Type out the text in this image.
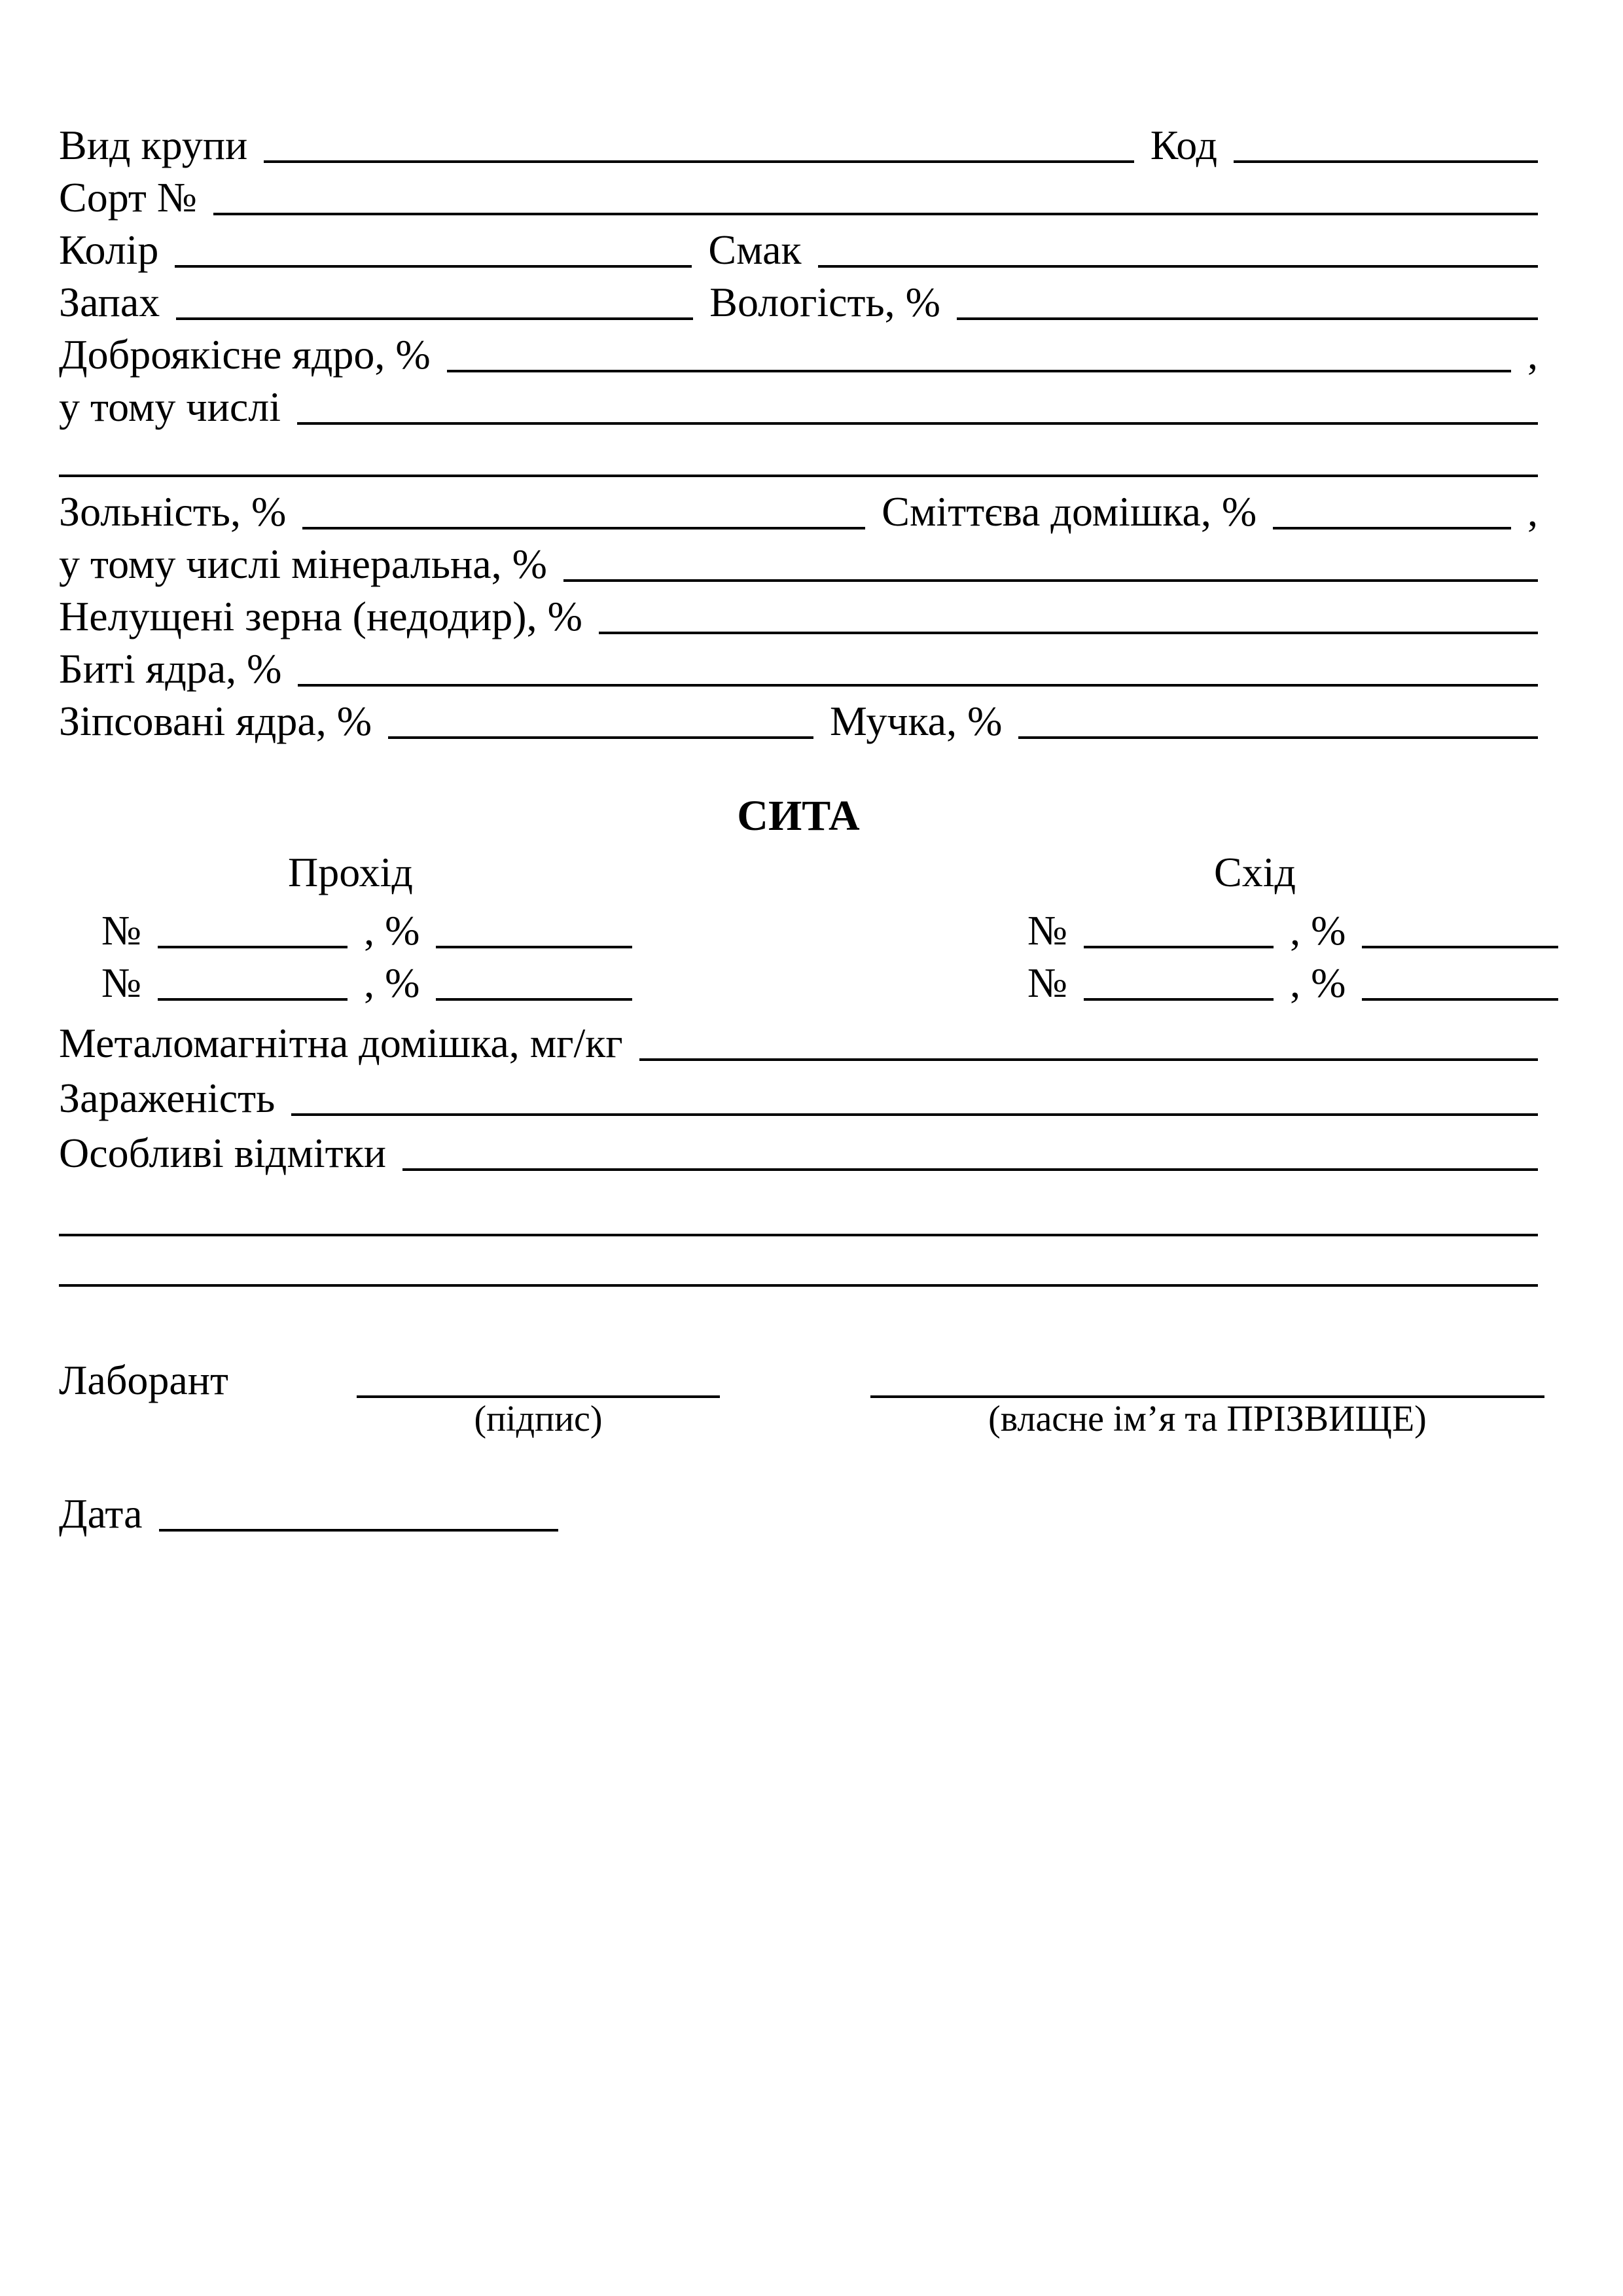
Вид крупи	Код
Сорт №
Колір	Смак
Запах	Вологість, %
Доброякісне ядро, %	,
у тому числі
Зольність, %	Сміттєва домішка, %	,
у тому числі мінеральна, %
Нелущені зерна (недодир), %
Биті ядра, %
Зіпсовані ядра, %	Мучка, %
СИТА
Прохід	Схід
№	, %	№	, %
№	, %	№	, %
Металомагнітна домішка, мг/кг
Зараженість
Особливі відмітки
Лаборант
(підпис)	(власне ім’я та ПРІЗВИЩЕ)
Дата
